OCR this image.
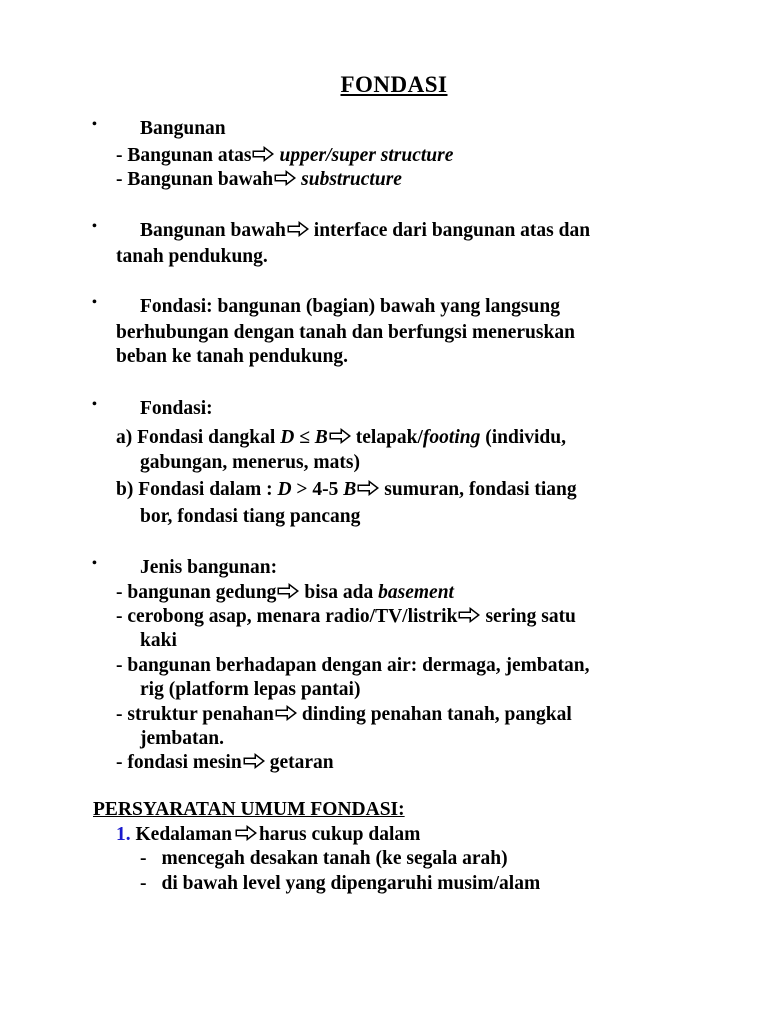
FONDASI
• Bangunan
- Bangunan atas upper/super structure
- Bangunan bawah substructure
• Bangunan bawah interface dari bangunan atas dan
tanah pendukung.
• Fondasi: bangunan (bagian) bawah yang langsung
berhubungan dengan tanah dan berfungsi meneruskan
beban ke tanah pendukung.
• Fondasi:
a) Fondasi dangkal D ≤ B telapak/footing (individu,
gabungan, menerus, mats)
b) Fondasi dalam : D > 4-5 B sumuran, fondasi tiang
bor, fondasi tiang pancang
• Jenis bangunan:
- bangunan gedung bisa ada basement
- cerobong asap, menara radio/TV/listrik sering satu
kaki
- bangunan berhadapan dengan air: dermaga, jembatan,
rig (platform lepas pantai)
- struktur penahan dinding penahan tanah, pangkal
jembatan.
- fondasi mesin getaran
PERSYARATAN UMUM FONDASI:
1. Kedalaman harus cukup dalam
- mencegah desakan tanah (ke segala arah)
- di bawah level yang dipengaruhi musim/alam
